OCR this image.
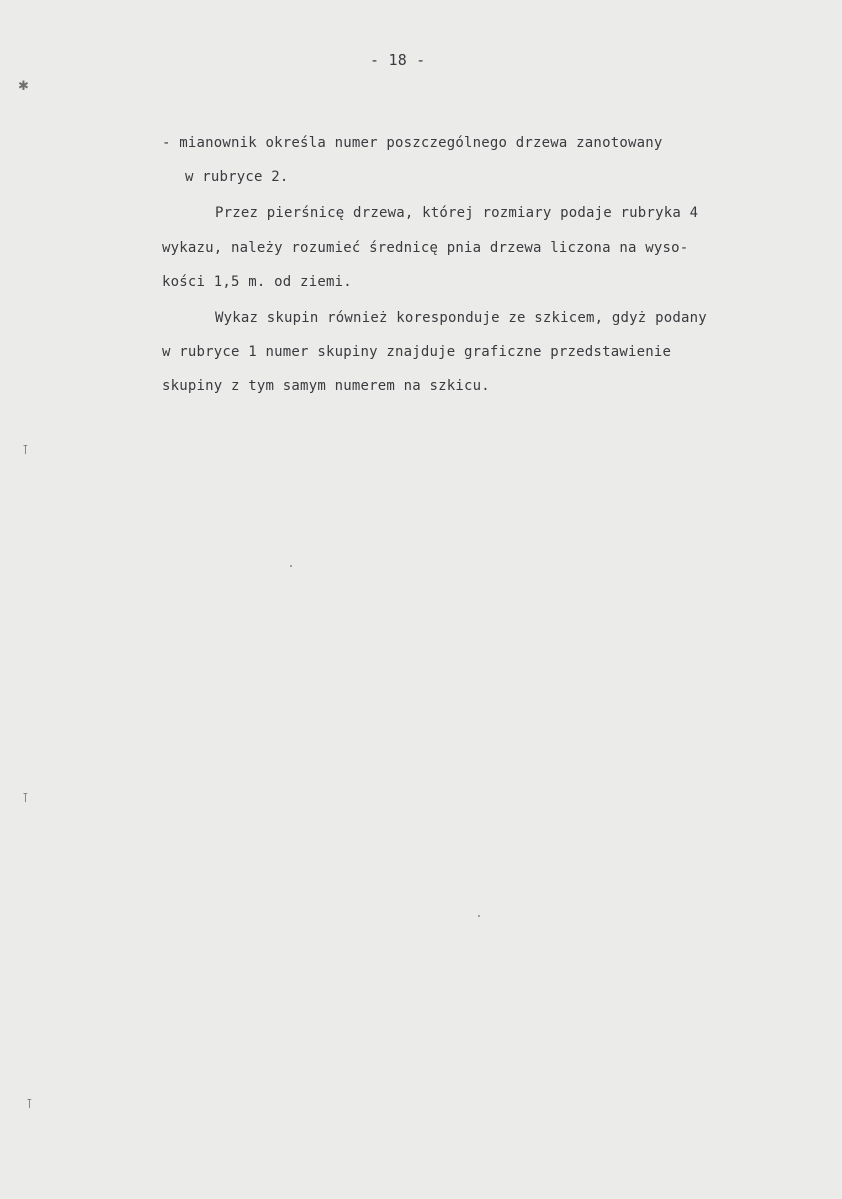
- 18 -
- mianownik określa numer poszczególnego drzewa zanotowany
w rubryce 2.
Przez pierśnicę drzewa, której rozmiary podaje rubryka 4
wykazu, należy rozumieć średnicę pnia drzewa liczona na wyso-
kości 1,5 m. od ziemi.
Wykaz skupin również koresponduje ze szkicem, gdyż podany
w rubryce 1 numer skupiny znajduje graficzne przedstawienie
skupiny z tym samym numerem na szkicu.
✱
⊺
⊺
⊺
